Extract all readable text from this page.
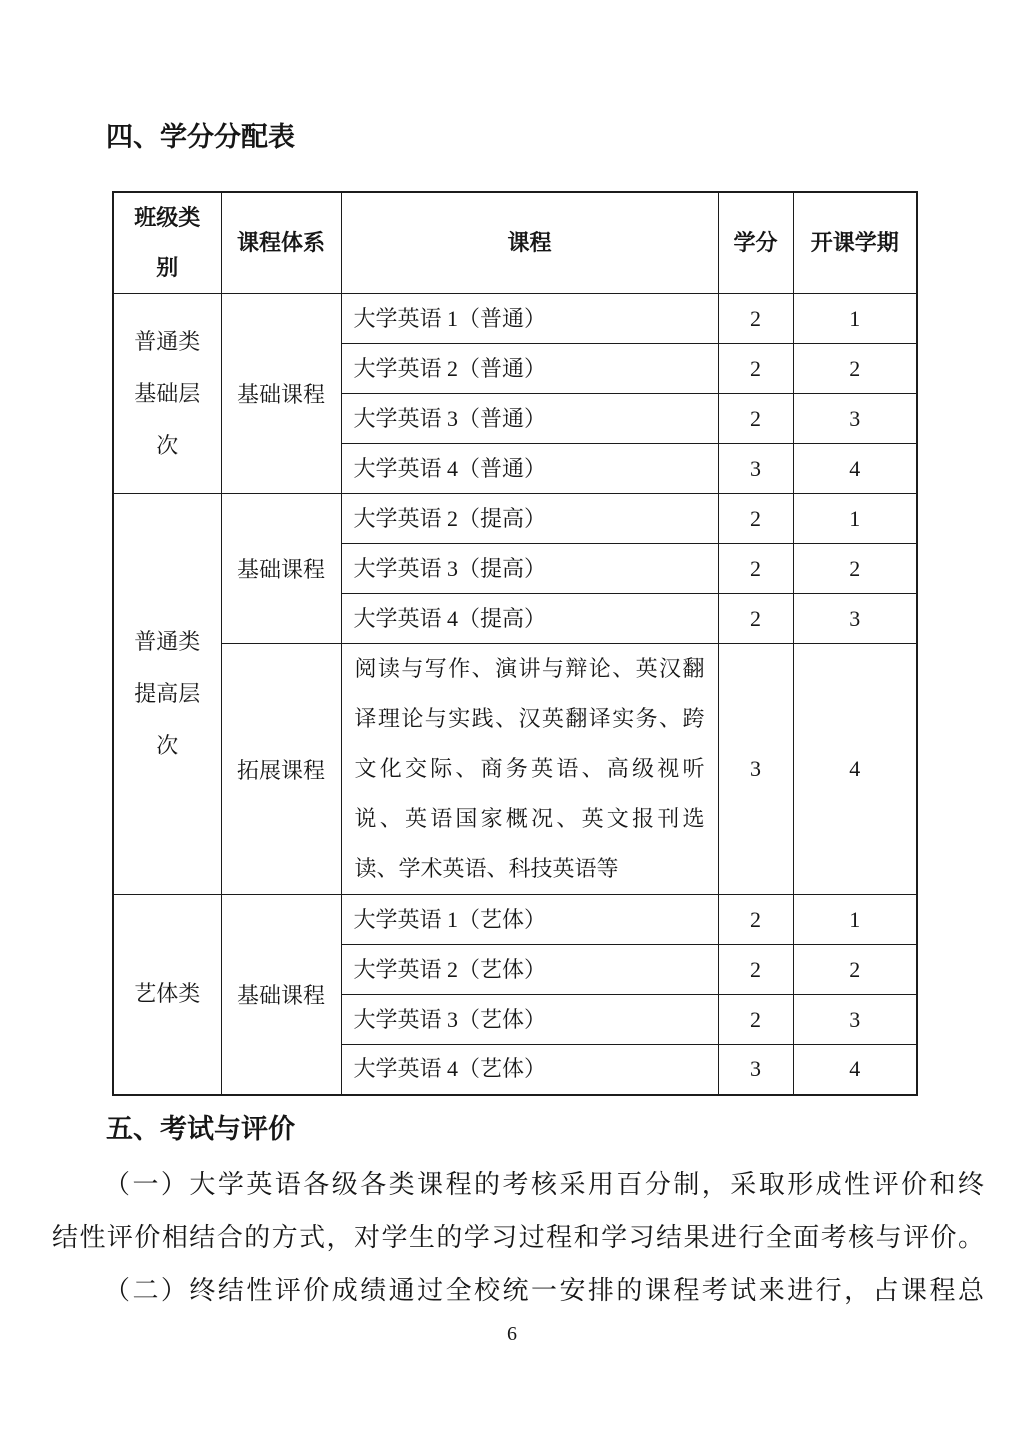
四、学分分配表
班级类别	课程体系	课程	学分	开课学期
普通类基础层次	基础课程	大学英语 1（普通）	2	1
		大学英语 2（普通）	2	2
		大学英语 3（普通）	2	3
		大学英语 4（普通）	3	4
普通类提高层次	基础课程	大学英语 2（提高）	2	1
		大学英语 3（提高）	2	2
		大学英语 4（提高）	2	3
	拓展课程	阅读与写作、演讲与辩论、英汉翻译理论与实践、汉英翻译实务、跨文化交际、商务英语、高级视听说、英语国家概况、英文报刊选读、学术英语、科技英语等	3	4
艺体类	基础课程	大学英语 1（艺体）	2	1
		大学英语 2（艺体）	2	2
		大学英语 3（艺体）	2	3
		大学英语 4（艺体）	3	4
五、考试与评价
（一）大学英语各级各类课程的考核采用百分制，采取形成性评价和终
结性评价相结合的方式，对学生的学习过程和学习结果进行全面考核与评价。
（二）终结性评价成绩通过全校统一安排的课程考试来进行，占课程总
6
